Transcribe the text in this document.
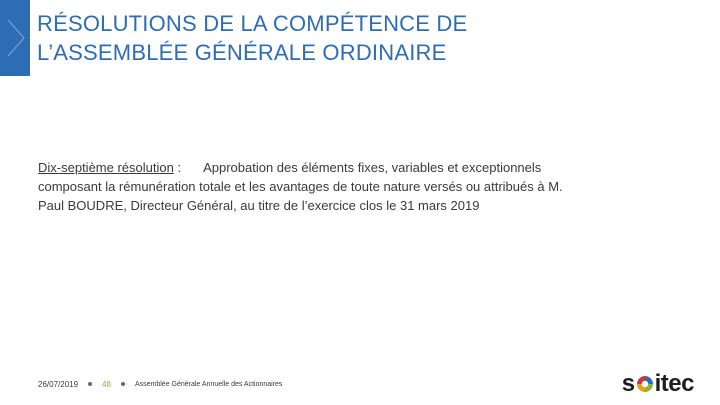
RÉSOLUTIONS DE LA COMPÉTENCE DE
L’ASSEMBLÉE GÉNÉRALE ORDINAIRE
Dix-septième résolution : Approbation des éléments fixes, variables et exceptionnels
composant la rémunération totale et les avantages de toute nature versés ou attribués à M.
Paul BOUDRE, Directeur Général, au titre de l’exercice clos le 31 mars 2019
26/07/2019	48	Assemblée Générale Annuelle des Actionnaires	s itec
